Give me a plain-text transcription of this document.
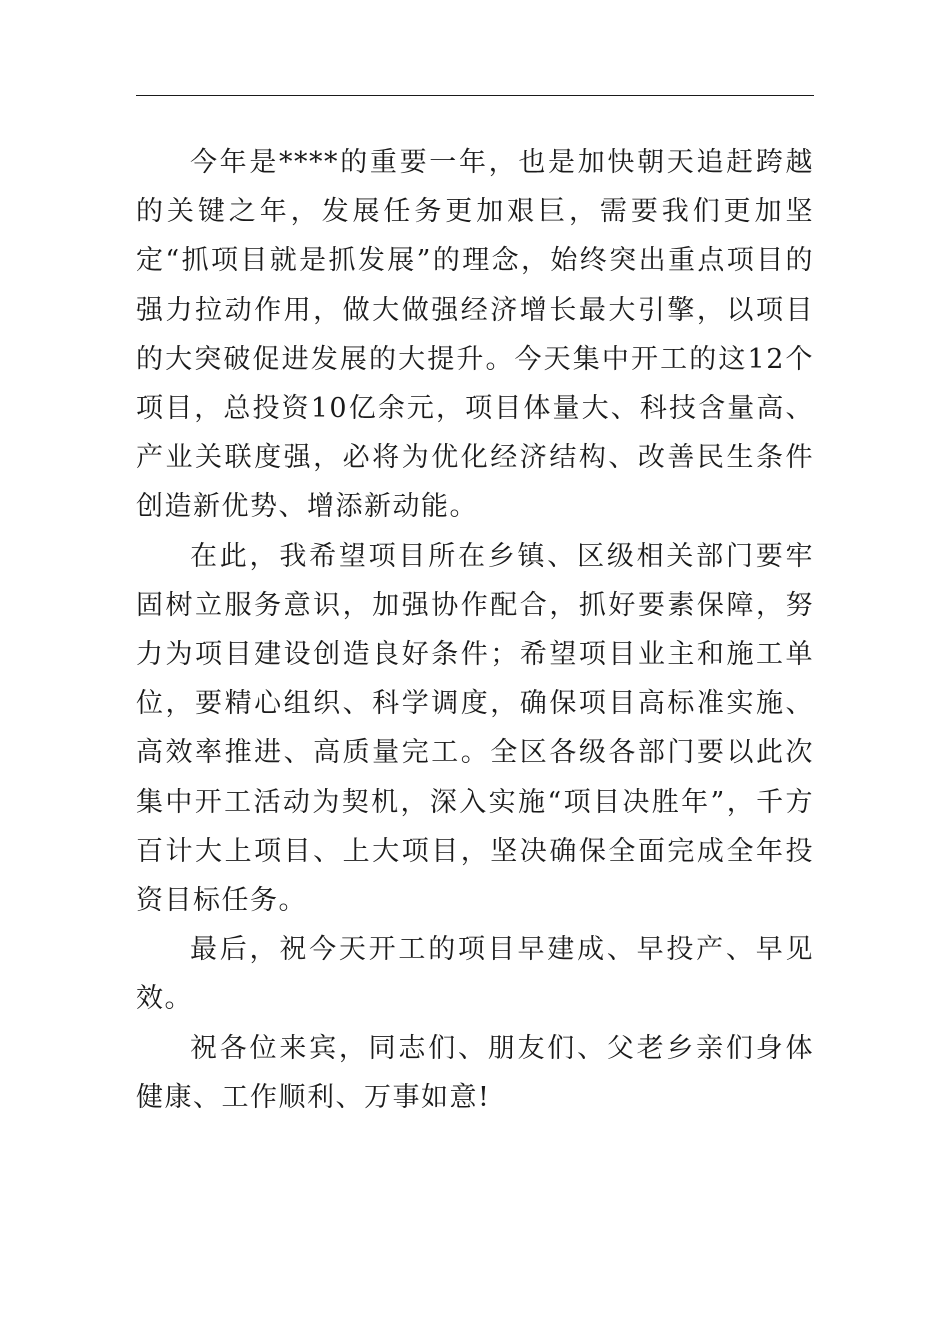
今年是****的重要一年，也是加快朝天追赶跨越的关键之年，发展任务更加艰巨，需要我们更加坚定“抓项目就是抓发展”的理念，始终突出重点项目的强力拉动作用，做大做强经济增长最大引擎，以项目的大突破促进发展的大提升。今天集中开工的这12个项目，总投资10亿余元，项目体量大、科技含量高、产业关联度强，必将为优化经济结构、改善民生条件创造新优势、增添新动能。

在此，我希望项目所在乡镇、区级相关部门要牢固树立服务意识，加强协作配合，抓好要素保障，努力为项目建设创造良好条件；希望项目业主和施工单位，要精心组织、科学调度，确保项目高标准实施、高效率推进、高质量完工。全区各级各部门要以此次集中开工活动为契机，深入实施“项目决胜年”，千方百计大上项目、上大项目，坚决确保全面完成全年投资目标任务。

最后，祝今天开工的项目早建成、早投产、早见效。

祝各位来宾，同志们、朋友们、父老乡亲们身体健康、工作顺利、万事如意!
